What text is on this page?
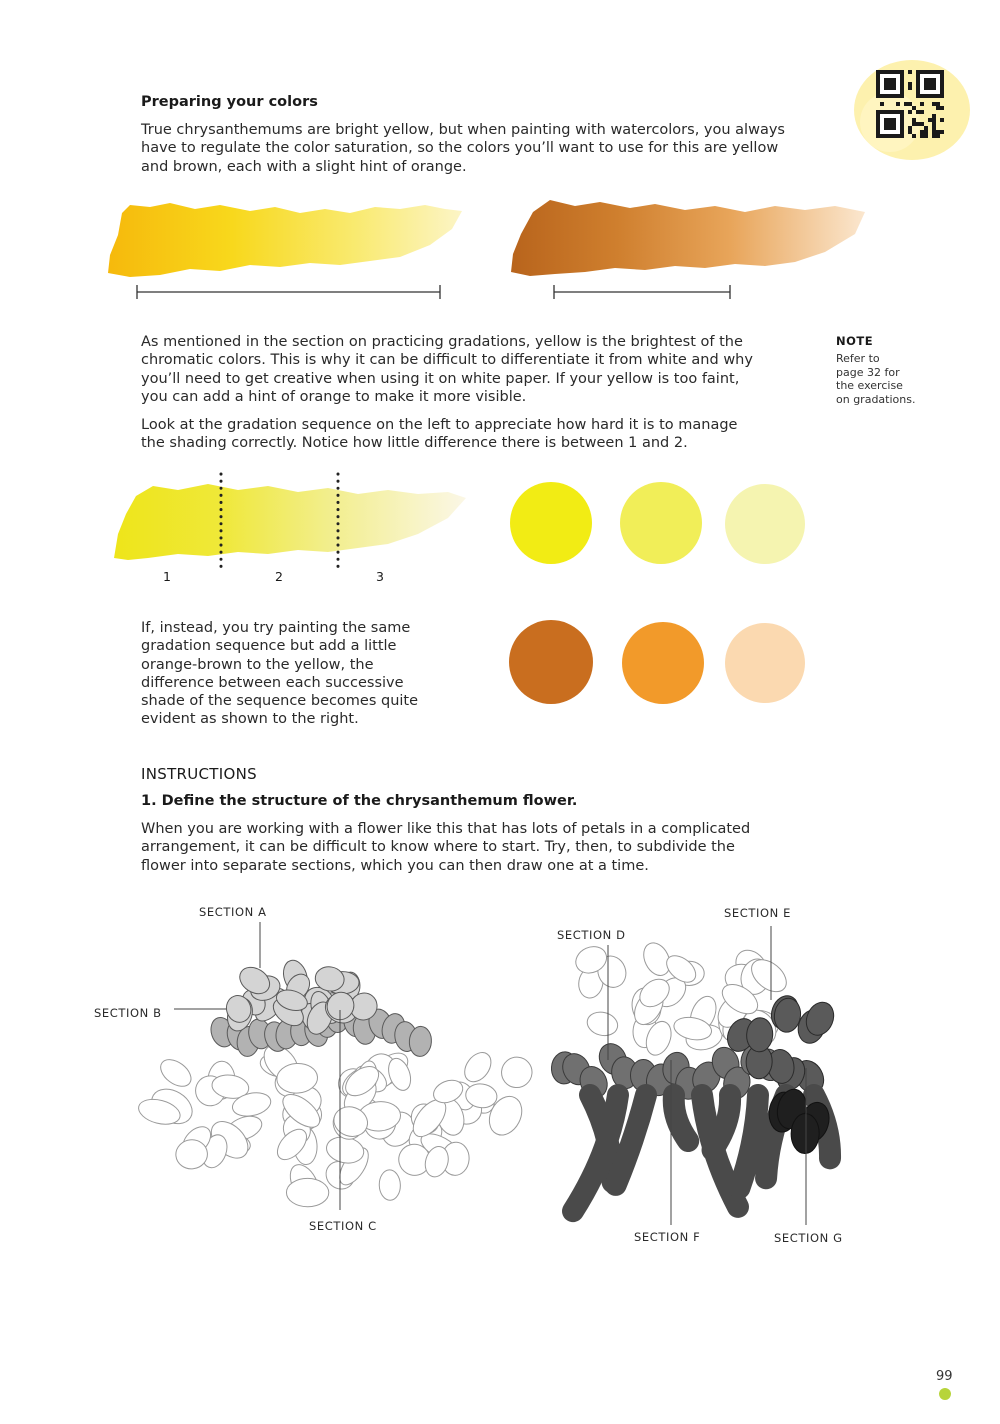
Preparing your colors
True chrysanthemums are bright yellow, but when painting with watercolors, you always
have to regulate the color saturation, so the colors you’ll want to use for this are yellow
and brown, each with a slight hint of orange.
As mentioned in the section on practicing gradations, yellow is the brightest of the
chromatic colors. This is why it can be difficult to differentiate it from white and why
you’ll need to get creative when using it on white paper. If your yellow is too faint,
you can add a hint of orange to make it more visible.
Look at the gradation sequence on the left to appreciate how hard it is to manage
the shading correctly. Notice how little difference there is between 1 and 2.
NOTE
Refer to
page 32 for
the exercise
on gradations.
1	2	3
If, instead, you try painting the same
gradation sequence but add a little
orange-brown to the yellow, the
difference between each successive
shade of the sequence becomes quite
evident as shown to the right.
INSTRUCTIONS
1. Define the structure of the chrysanthemum flower.
When you are working with a flower like this that has lots of petals in a complicated
arrangement, it can be difficult to know where to start. Try, then, to subdivide the
flower into separate sections, which you can then draw one at a time.
SECTION A
SECTION B
SECTION C
SECTION D
SECTION E
SECTION F	SECTION G
99
